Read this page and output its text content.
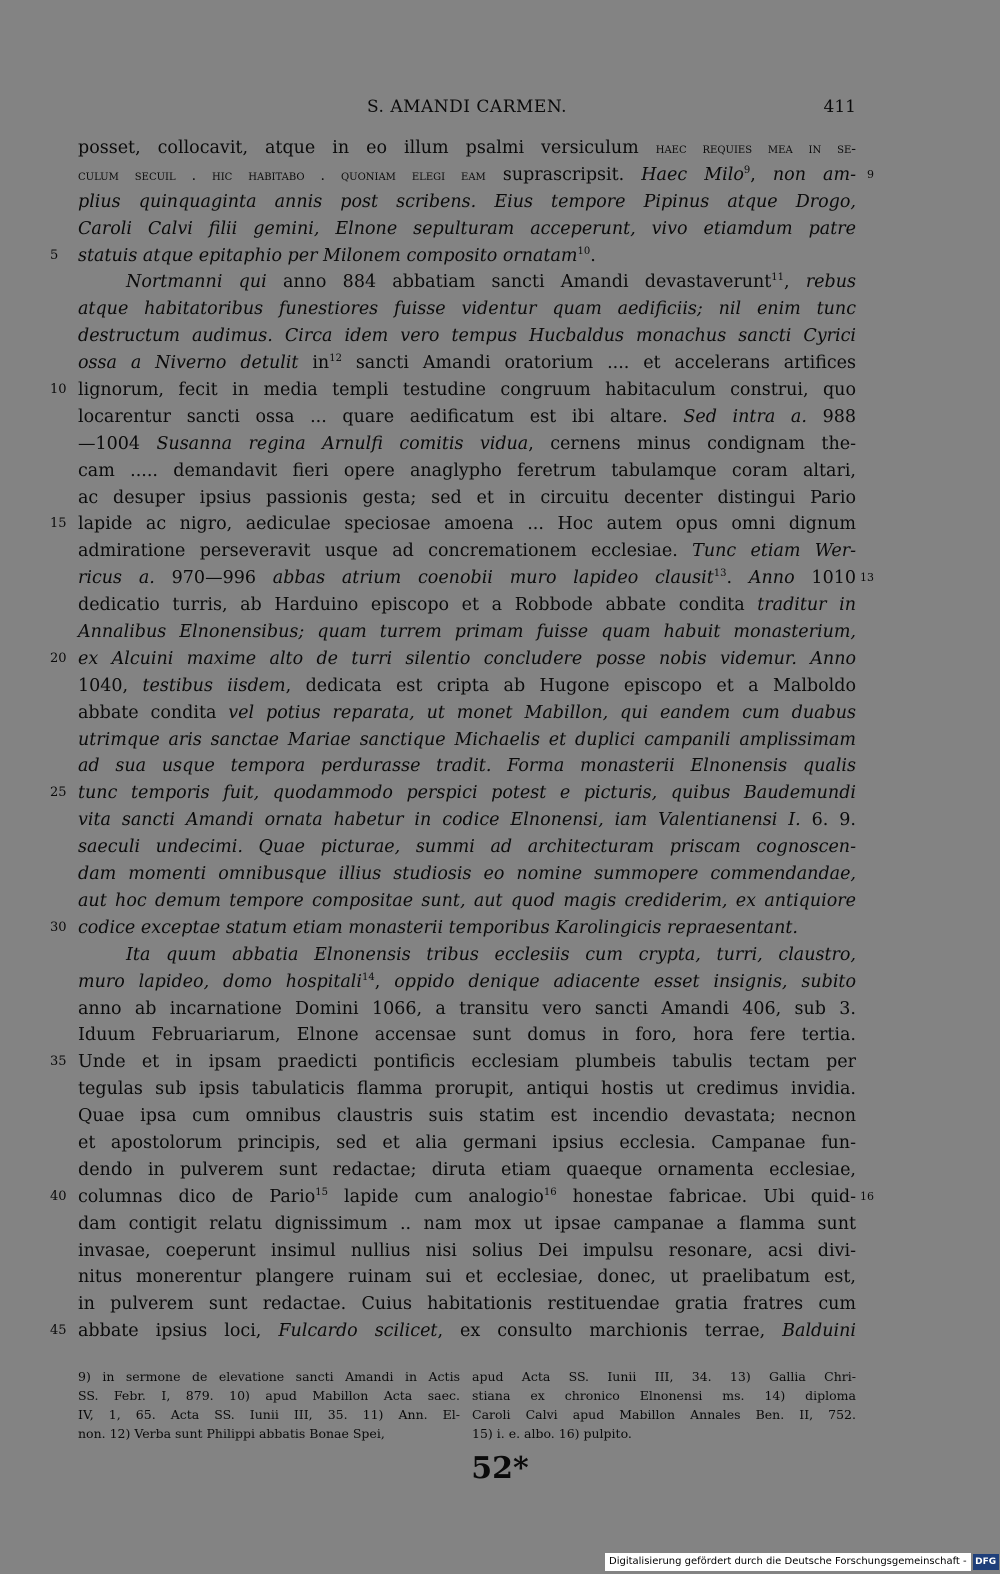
S. AMANDI CARMEN.	411
posset, collocavit, atque in eo illum psalmi versiculum haec requies mea in se-
culum secuil . hic habitabo . quoniam elegi eam suprascripsit. Haec Milo$^9$, non am- 9
plius quinquaginta annis post scribens. Eius tempore Pipinus atque Drogo,
Caroli Calvi filii gemini, Elnone sepulturam acceperunt, vivo etiamdum patre
statuis atque epitaphio per Milonem composito ornatam$^{10}$.
5
Nortmanni qui anno 884 abbatiam sancti Amandi devastaverunt$^{11}$, rebus
atque habitatoribus funestiores fuisse videntur quam aedificiis; nil enim tunc
destructum audimus. Circa idem vero tempus Hucbaldus monachus sancti Cyrici
ossa a Niverno detulit $in^{12}$ sancti Amandi oratorium .... et accelerans artifices
lignorum, fecit in media templi testudine congruum habitaculum construi, quo
10
locarentur sancti ossa ... quare aedificatum est ibi altare. Sed intra a. 988
—1004 Susanna regina Arnulfi comitis vidua, cernens minus condignam the-
cam ..... demandavit fieri opere anaglypho feretrum tabulamque coram altari,
ac desuper ipsius passionis gesta; sed et in circuitu decenter distingui Pario
lapide ac nigro, aediculae speciosae amoena ... Hoc autem opus omni dignum
15
admiratione perseveravit usque ad concremationem ecclesiae. Tunc etiam Wer-
ricus a. 970—996 abbas atrium coenobii muro lapideo clausit$^{13}$. Anno 1010 13
dedicatio turris, ab Harduino episcopo et a Robbode abbate condita traditur in
Annalibus Elnonensibus; quam turrem primam fuisse quam habuit monasterium,
ex Alcuini maxime alto de turri silentio concludere posse nobis videmur. Anno
20
1040, testibus iisdem, dedicata est cripta ab Hugone episcopo et a Malboldo
abbate condita vel potius reparata, ut monet Mabillon, qui eandem cum duabus
utrimque aris sanctae Mariae sanctique Michaelis et duplici campanili amplissimam
ad sua usque tempora perdurasse tradit. Forma monasterii Elnonensis qualis
tunc temporis fuit, quodammodo perspici potest e picturis, quibus Baudemundi
25
vita sancti Amandi ornata habetur in codice Elnonensi, iam Valentianensi I. 6. 9.
saeculi undecimi. Quae picturae, summi ad architecturam priscam cognoscen-
dam momenti omnibusque illius studiosis eo nomine summopere commendandae,
aut hoc demum tempore compositae sunt, aut quod magis crediderim, ex antiquiore
codice exceptae statum etiam monasterii temporibus Karolingicis repraesentant.
30
Ita quum abbatia Elnonensis tribus ecclesiis cum crypta, turri, claustro,
muro lapideo, domo hospitali$^{14}$, oppido denique adiacente esset insignis, subito
anno ab incarnatione Domini 1066, a transitu vero sancti Amandi 406, sub 3.
Iduum Februariarum, Elnone accensae sunt domus in foro, hora fere tertia.
Unde et in ipsam praedicti pontificis ecclesiam plumbeis tabulis tectam per
35
tegulas sub ipsis tabulaticis flamma prorupit, antiqui hostis ut credimus invidia.
Quae ipsa cum omnibus claustris suis statim est incendio devastata; necnon
et apostolorum principis, sed et alia germani ipsius ecclesia. Campanae fun-
dendo in pulverem sunt redactae; diruta etiam quaeque ornamenta ecclesiae,
columnas dico de Pario$^{15}$ lapide cum analogio$^{16}$ honestae fabricae. Ubi quid-
40	16
dam contigit relatu dignissimum .. nam mox ut ipsae campanae a flamma sunt
invasae, coeperunt insimul nullius nisi solius Dei impulsu resonare, acsi divi-
nitus monerentur plangere ruinam sui et ecclesiae, donec, ut praelibatum est,
in pulverem sunt redactae. Cuius habitationis restituendae gratia fratres cum
abbate ipsius loci, Fulcardo scilicet, ex consulto marchionis terrae, Balduini
45
9) in sermone de elevatione sancti Amandi in Actis apud Acta SS. Iunii III, 34. 13) Gallia Chri-
SS. Febr. I, 879. 10) apud Mabillon Acta saec. stiana ex chronico Elnonensi ms. 14) diploma
IV, 1, 65. Acta SS. Iunii III, 35. 11) Ann. El- Caroli Calvi apud Mabillon Annales Ben. II, 752.
non. 12) Verba sunt Philippi abbatis Bonae Spei,	15) i. e. albo. 16) pulpito.
52*
Digitalisierung gefördert durch die Deutsche Forschungsgemeinschaft - DFG
